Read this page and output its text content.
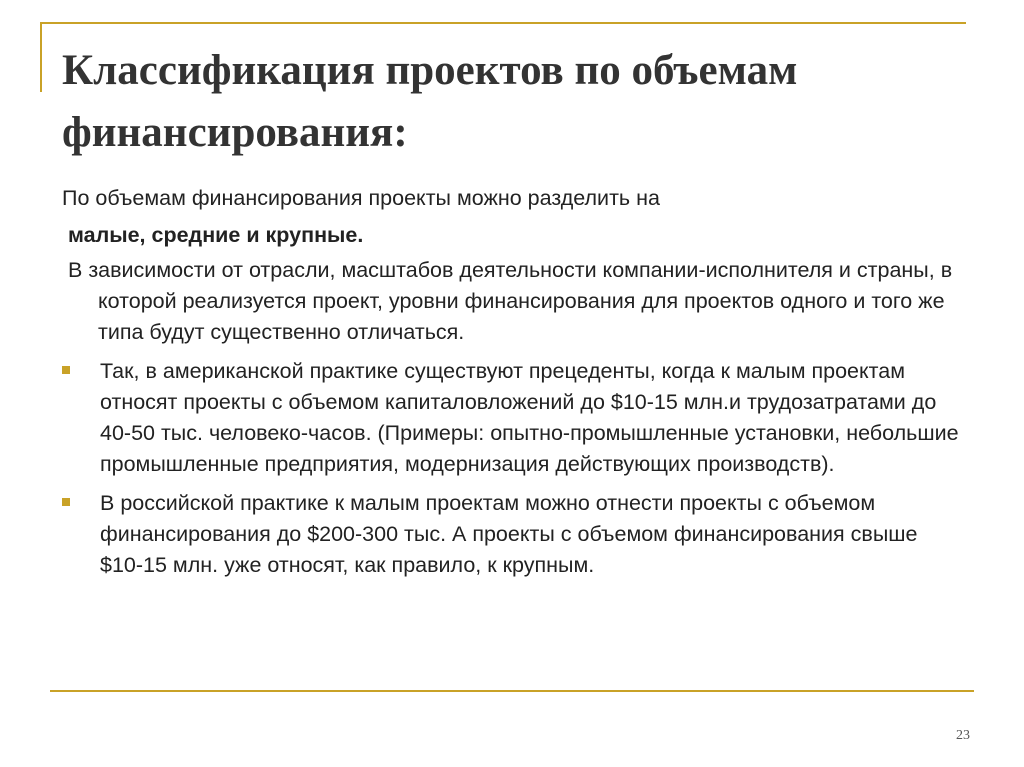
Классификация проектов по объемам финансирования:

По объемам финансирования проекты можно разделить на

малые, средние и крупные.

В зависимости от отрасли, масштабов деятельности компании-исполнителя и страны, в которой реализуется проект, уровни финансирования для проектов одного и того же типа будут существенно отличаться.

Так, в американской практике существуют прецеденты, когда к малым проектам относят проекты с объемом капиталовложений до $10-15 млн.и трудозатратами до 40-50 тыс. человеко-часов. (Примеры: опытно-промышленные установки, небольшие промышленные предприятия, модернизация действующих производств).
В российской практике к малым проектам можно отнести проекты с объемом финансирования до $200-300 тыс. А проекты с объемом финансирования свыше $10-15 млн. уже относят, как правило, к крупным.
23
